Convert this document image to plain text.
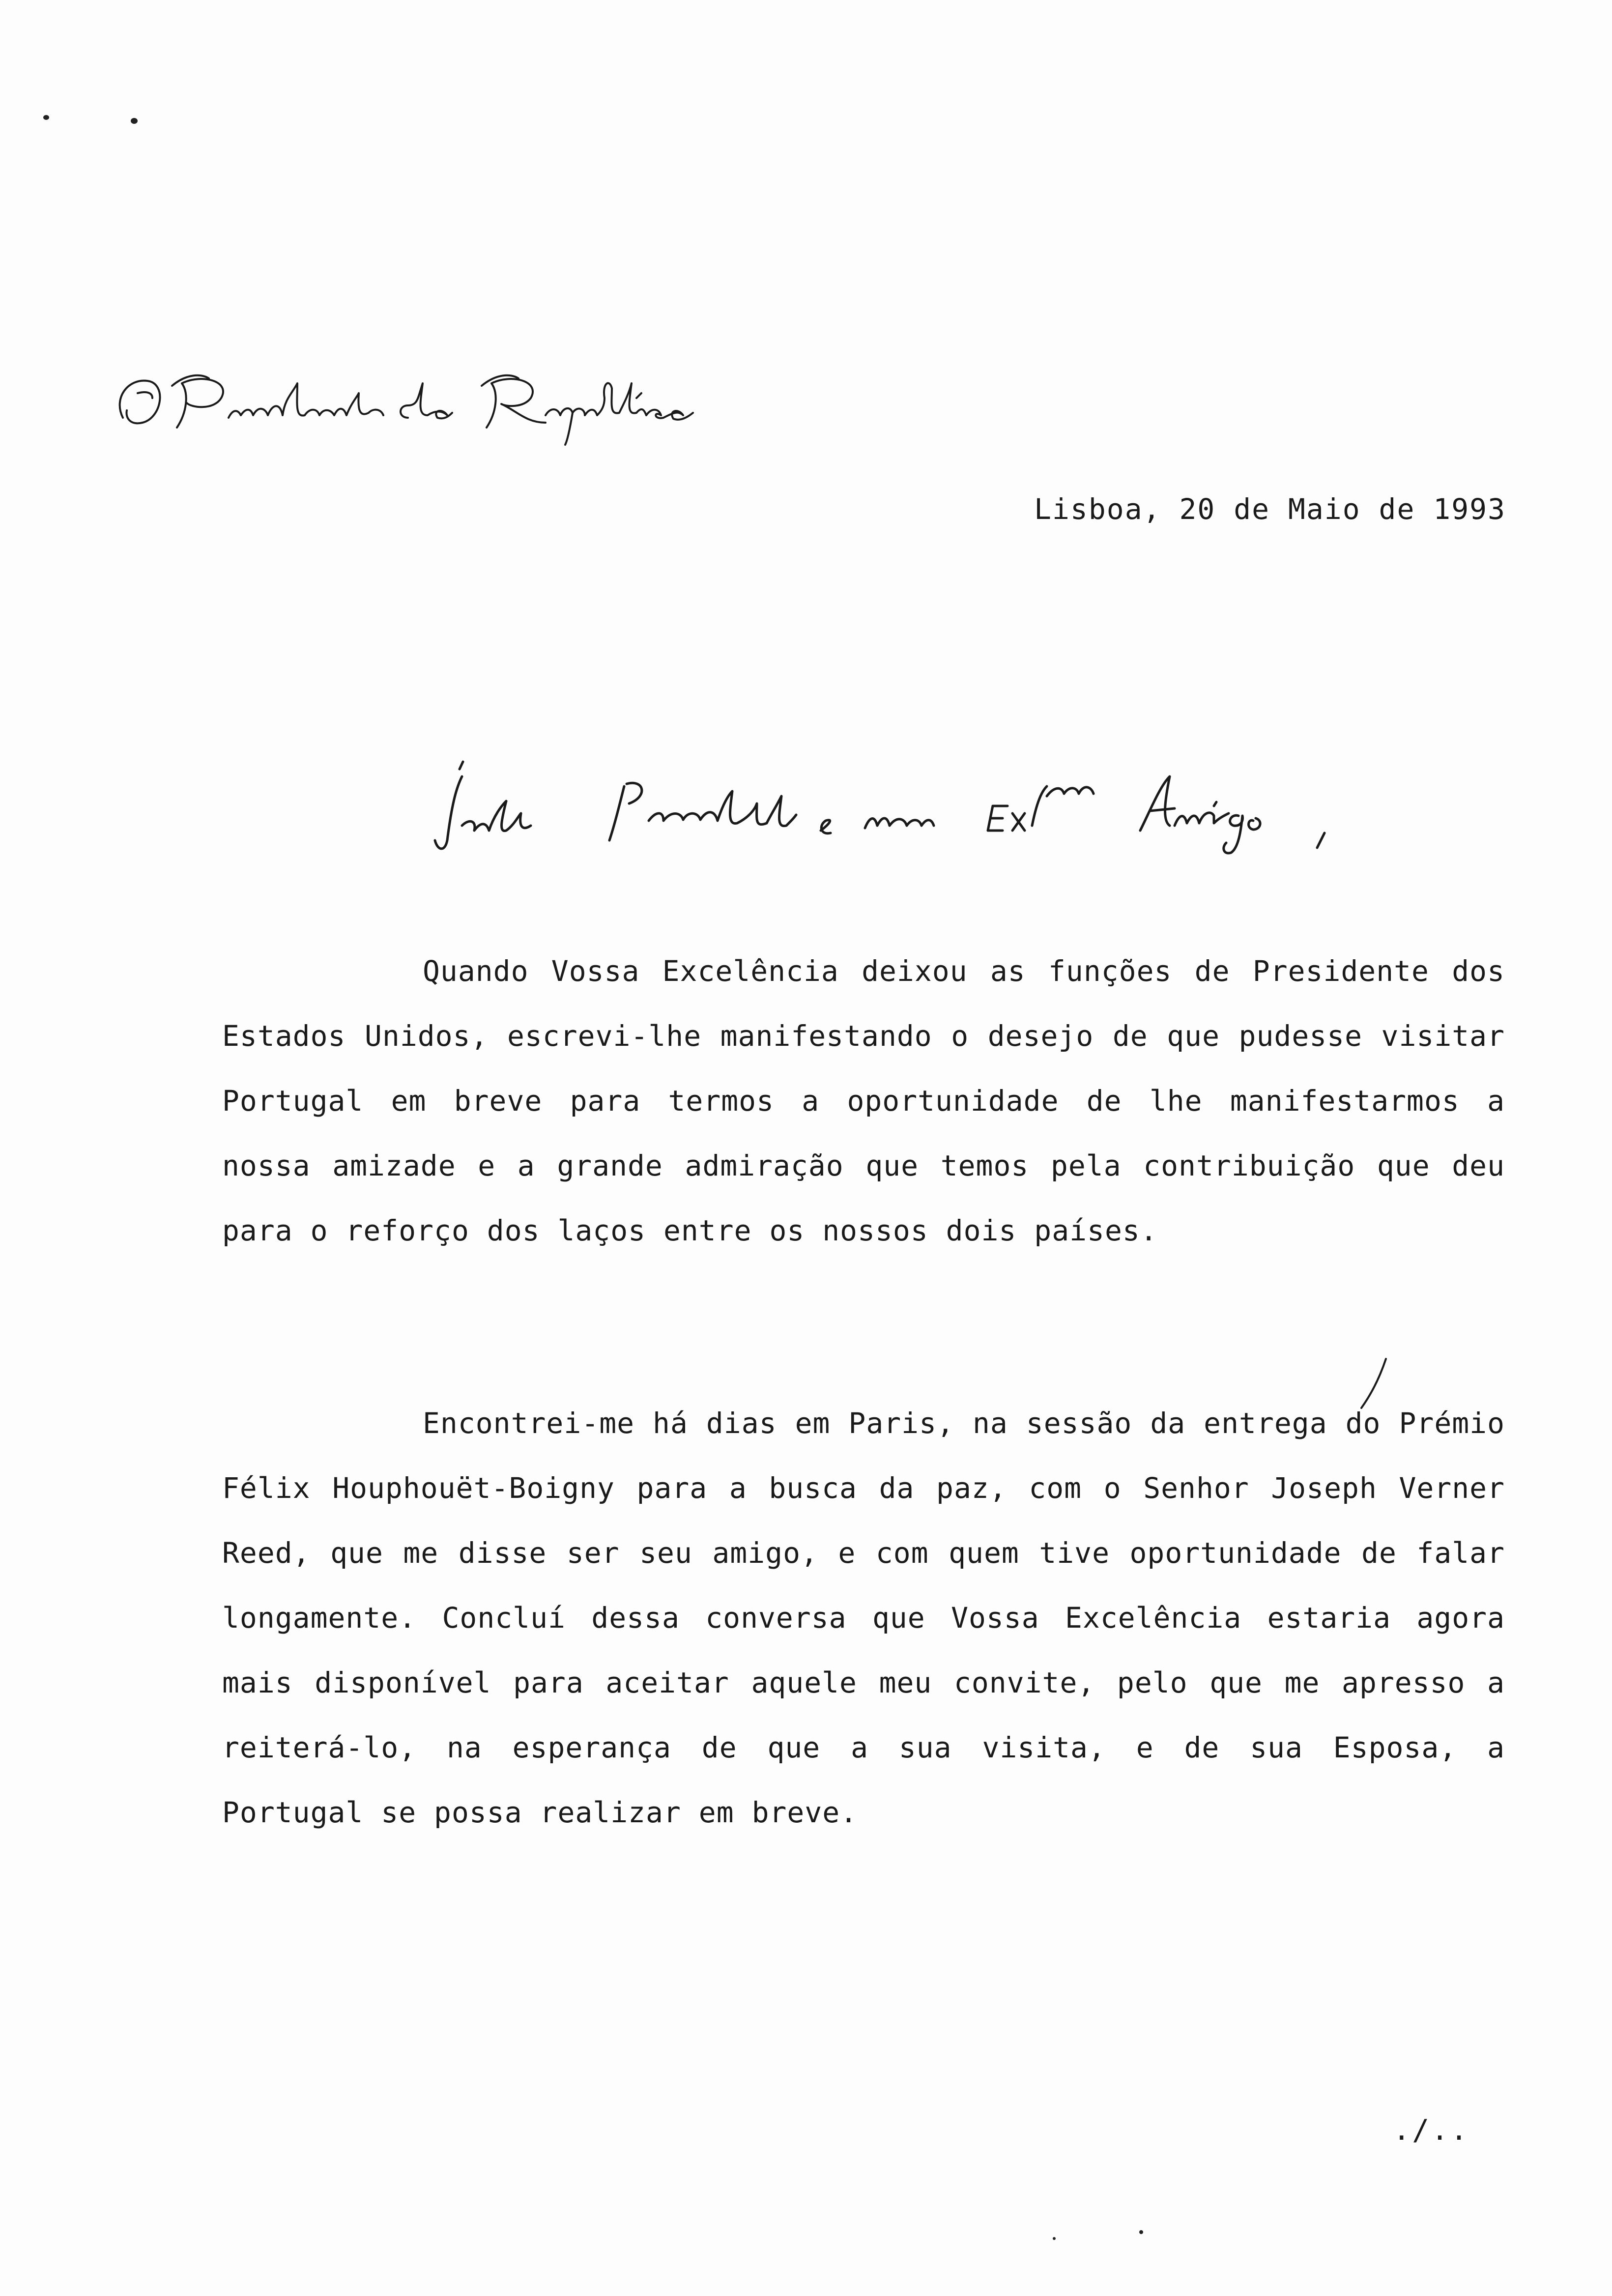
Lisboa, 20 de Maio de 1993
Quando Vossa Excelência deixou as funções de Presidente dos Estados Unidos, escrevi-lhe manifestando o desejo de que pudesse visitar Portugal em breve para termos a oportunidade de lhe manifestarmos a nossa amizade e a grande admiração que temos pela contribuição que deu para o reforço dos laços entre os nossos dois países.
Encontrei-me há dias em Paris, na sessão da entrega do Prémio Félix Houphouët-Boigny para a busca da paz, com o Senhor Joseph Verner Reed, que me disse ser seu amigo, e com quem tive oportunidade de falar longamente. Concluí dessa conversa que Vossa Excelência estaria agora mais disponível para aceitar aquele meu convite, pelo que me apresso a reiterá-lo, na esperança de que a sua visita, e de sua Esposa, a Portugal se possa realizar em breve.
./..
